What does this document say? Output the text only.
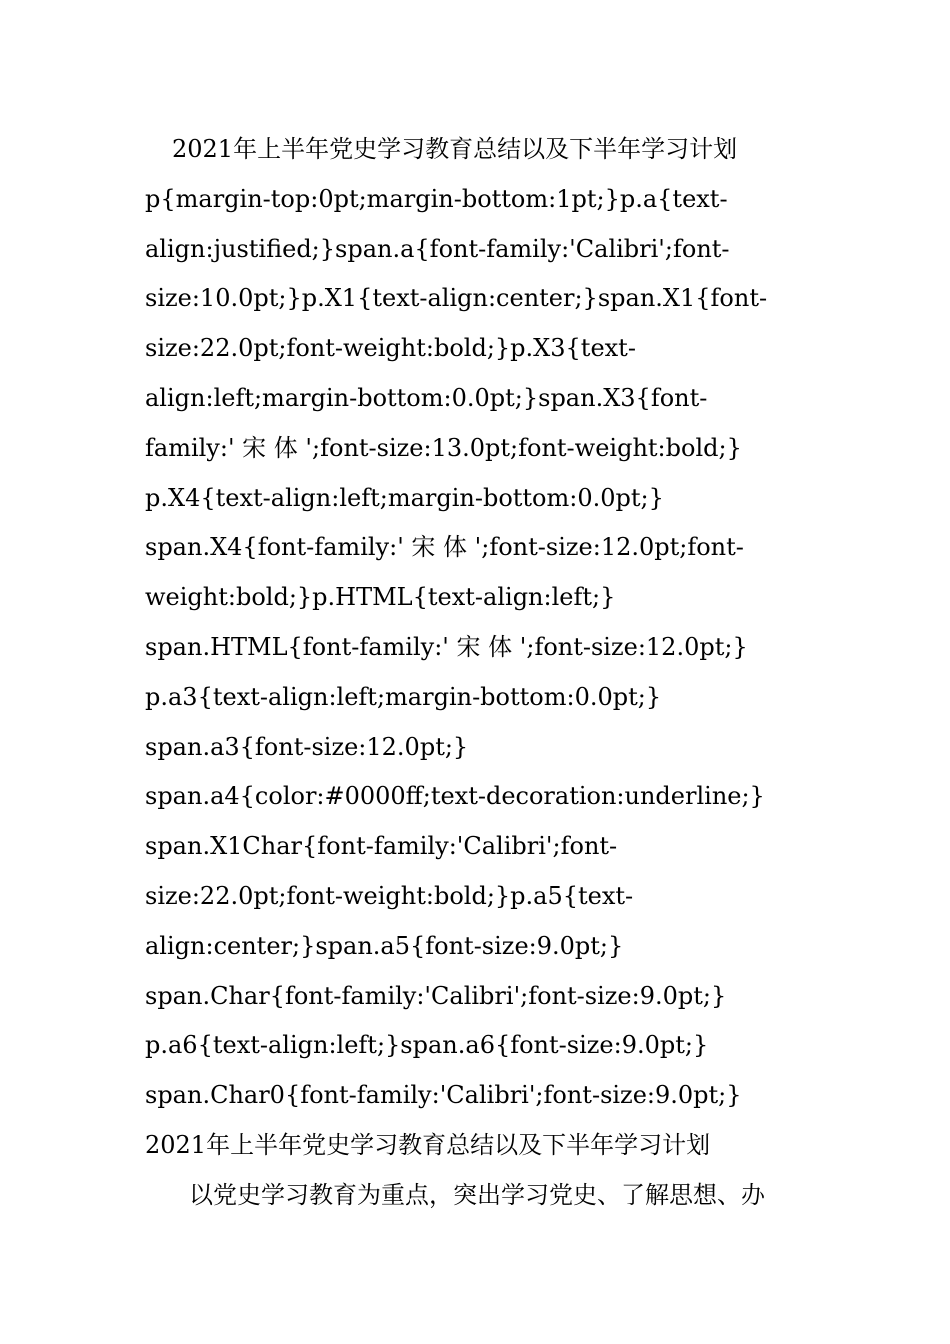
2021年上半年党史学习教育总结以及下半年学习计划
p{margin-top:0pt;margin-bottom:1pt;}p.a{text-
align:justified;}span.a{font-family:'Calibri';font-
size:10.0pt;}p.X1{text-align:center;}span.X1{font-
size:22.0pt;font-weight:bold;}p.X3{text-
align:left;margin-bottom:0.0pt;}span.X3{font-
family:' 宋 体 ';font-size:13.0pt;font-weight:bold;}
p.X4{text-align:left;margin-bottom:0.0pt;}
span.X4{font-family:' 宋 体 ';font-size:12.0pt;font-
weight:bold;}p.HTML{text-align:left;}
span.HTML{font-family:' 宋 体 ';font-size:12.0pt;}
p.a3{text-align:left;margin-bottom:0.0pt;}
span.a3{font-size:12.0pt;}
span.a4{color:#0000ff;text-decoration:underline;}
span.X1Char{font-family:'Calibri';font-
size:22.0pt;font-weight:bold;}p.a5{text-
align:center;}span.a5{font-size:9.0pt;}
span.Char{font-family:'Calibri';font-size:9.0pt;}
p.a6{text-align:left;}span.a6{font-size:9.0pt;}
span.Char0{font-family:'Calibri';font-size:9.0pt;}
2021年上半年党史学习教育总结以及下半年学习计划
以党史学习教育为重点，突出学习党史、了解思想、办
